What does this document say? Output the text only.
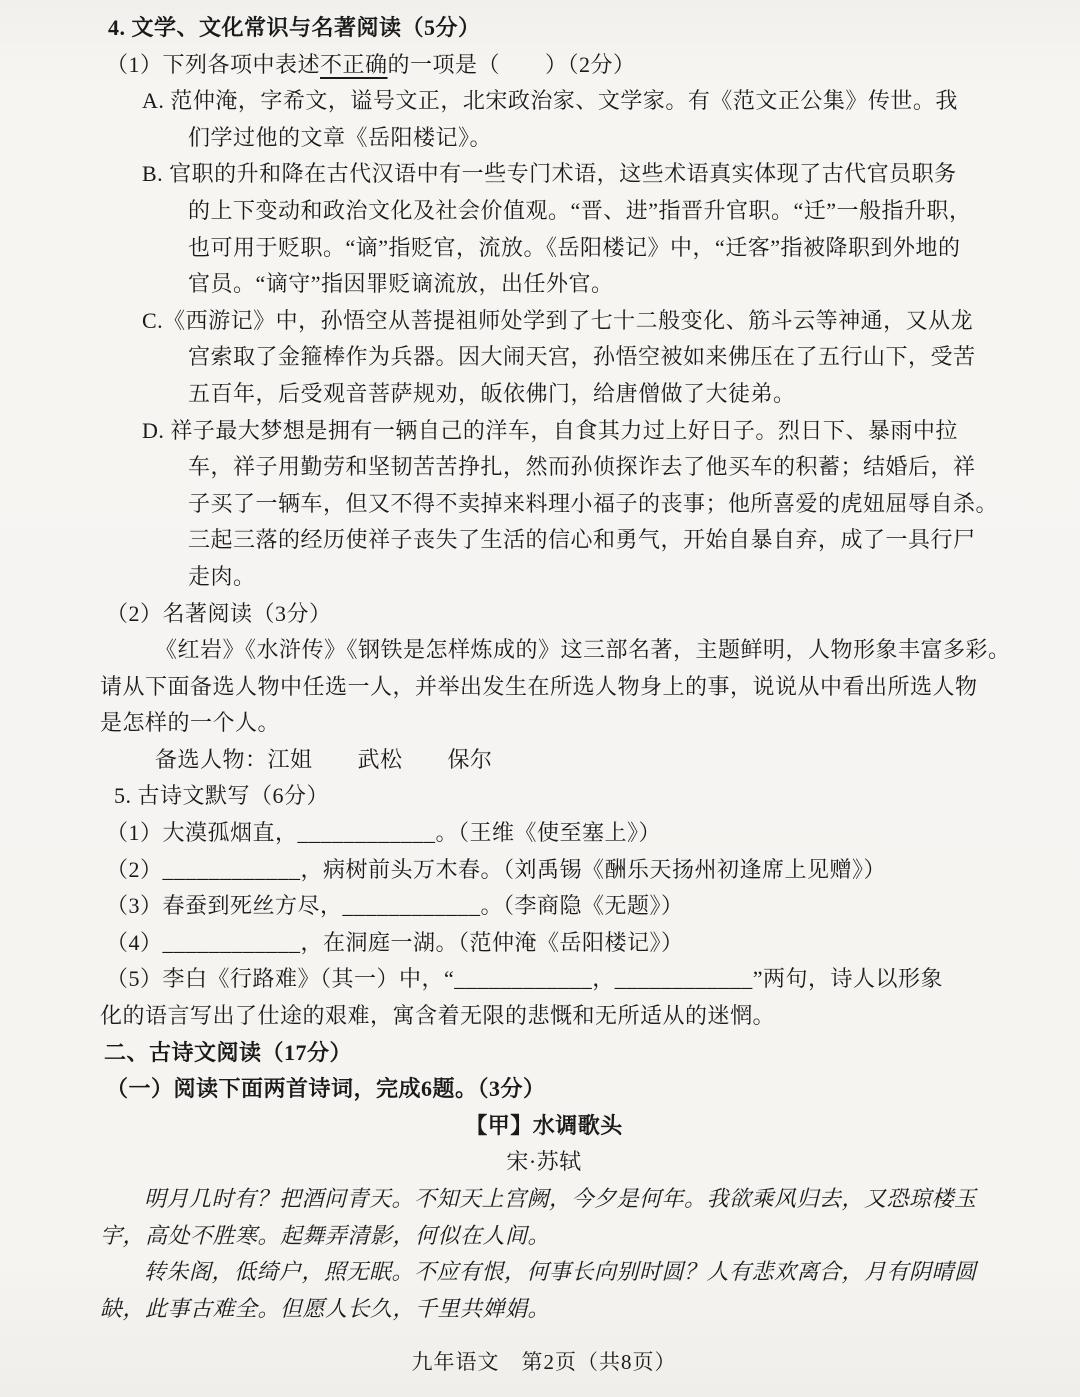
4. 文学、文化常识与名著阅读（5分）
（1）下列各项中表述不正确的一项是（　　）（2分）
A. 范仲淹，字希文，谥号文正，北宋政治家、文学家。有《范文正公集》传世。我
们学过他的文章《岳阳楼记》。
B. 官职的升和降在古代汉语中有一些专门术语，这些术语真实体现了古代官员职务
的上下变动和政治文化及社会价值观。“晋、进”指晋升官职。“迁”一般指升职，
也可用于贬职。“谪”指贬官，流放。《岳阳楼记》中，“迁客”指被降职到外地的
官员。“谪守”指因罪贬谪流放，出任外官。
C.《西游记》中，孙悟空从菩提祖师处学到了七十二般变化、筋斗云等神通，又从龙
宫索取了金箍棒作为兵器。因大闹天宫，孙悟空被如来佛压在了五行山下，受苦
五百年，后受观音菩萨规劝，皈依佛门，给唐僧做了大徒弟。
D. 祥子最大梦想是拥有一辆自己的洋车，自食其力过上好日子。烈日下、暴雨中拉
车，祥子用勤劳和坚韧苦苦挣扎，然而孙侦探诈去了他买车的积蓄；结婚后，祥
子买了一辆车，但又不得不卖掉来料理小福子的丧事；他所喜爱的虎妞屈辱自杀。
三起三落的经历使祥子丧失了生活的信心和勇气，开始自暴自弃，成了一具行尸
走肉。
（2）名著阅读（3分）
《红岩》《水浒传》《钢铁是怎样炼成的》这三部名著，主题鲜明，人物形象丰富多彩。
请从下面备选人物中任选一人，并举出发生在所选人物身上的事，说说从中看出所选人物
是怎样的一个人。
备选人物：江姐　　武松　　保尔
5. 古诗文默写（6分）
（1）大漠孤烟直，____________。（王维《使至塞上》）
（2）____________，病树前头万木春。（刘禹锡《酬乐天扬州初逢席上见赠》）
（3）春蚕到死丝方尽，____________。（李商隐《无题》）
（4）____________，在洞庭一湖。（范仲淹《岳阳楼记》）
（5）李白《行路难》（其一）中，“____________，____________”两句，诗人以形象
化的语言写出了仕途的艰难，寓含着无限的悲慨和无所适从的迷惘。
二、古诗文阅读（17分）
（一）阅读下面两首诗词，完成6题。（3分）
【甲】水调歌头
宋·苏轼
明月几时有？把酒问青天。不知天上宫阙，今夕是何年。我欲乘风归去，又恐琼楼玉
宇，高处不胜寒。起舞弄清影，何似在人间。
转朱阁，低绮户，照无眠。不应有恨，何事长向别时圆？人有悲欢离合，月有阴晴圆
缺，此事古难全。但愿人长久，千里共婵娟。
九年语文　第2页（共8页）
